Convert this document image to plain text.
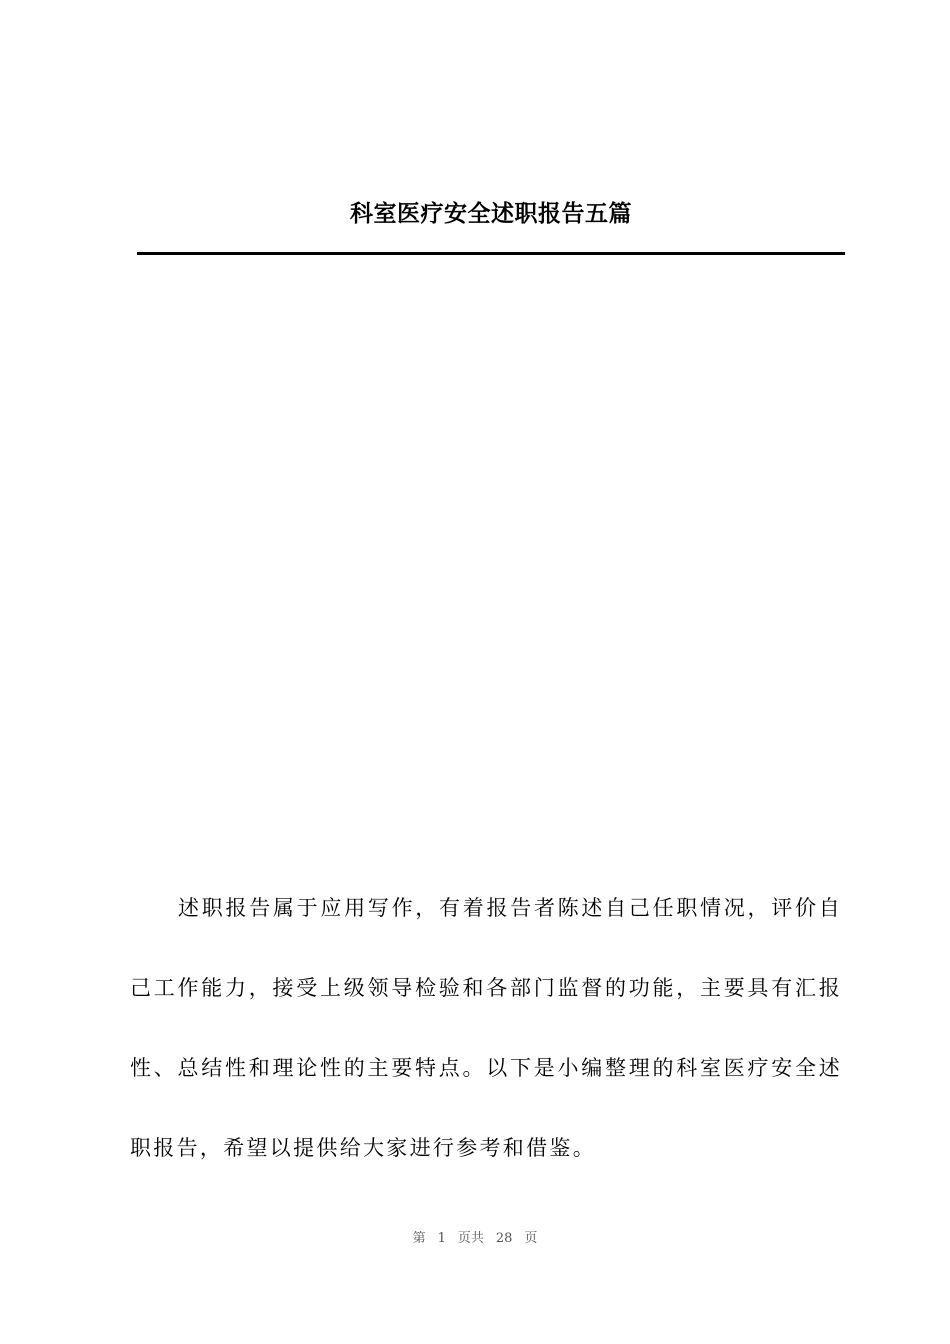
科室医疗安全述职报告五篇

述职报告属于应用写作，有着报告者陈述自己任职情况，评价自己工作能力，接受上级领导检验和各部门监督的功能，主要具有汇报性、总结性和理论性的主要特点。以下是小编整理的科室医疗安全述职报告，希望以提供给大家进行参考和借鉴。

第 1 页共 28 页
